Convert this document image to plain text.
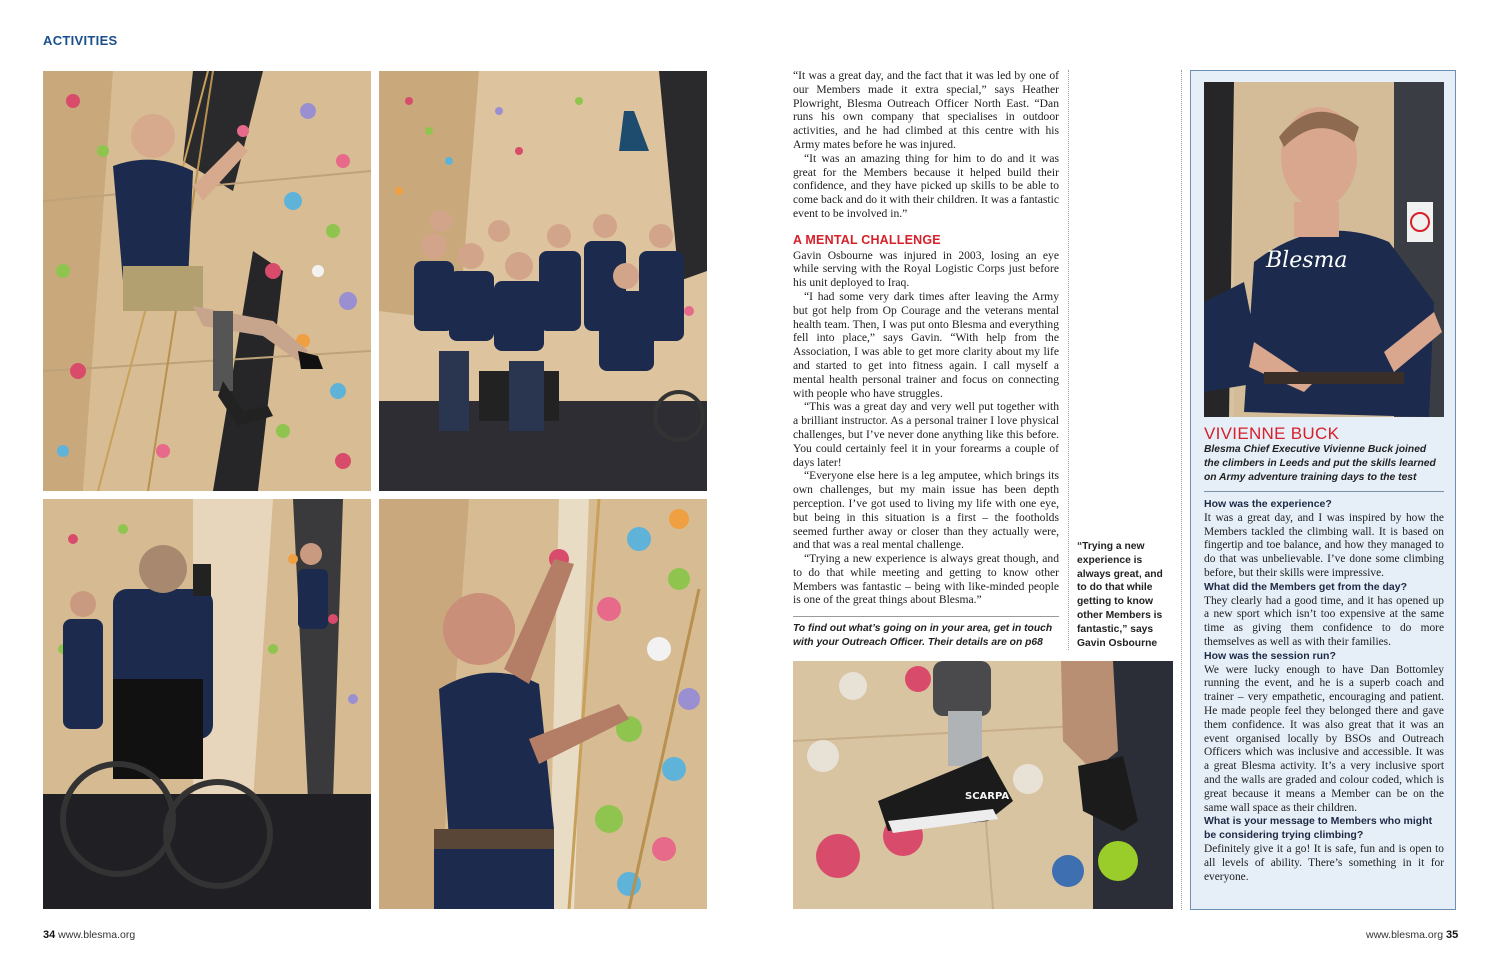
ACTIVITIES

“It was a great day, and the fact that it was led by one of our Members made it extra special,” says Heather Plowright, Blesma Outreach Officer North East. “Dan runs his own company that specialises in outdoor activities, and he had climbed at this centre with his Army mates before he was injured.

“It was an amazing thing for him to do and it was great for the Members because it helped build their confidence, and they have picked up skills to be able to come back and do it with their children. It was a fantastic event to be involved in.”

A MENTAL CHALLENGE

Gavin Osbourne was injured in 2003, losing an eye while serving with the Royal Logistic Corps just before his unit deployed to Iraq.

“I had some very dark times after leaving the Army but got help from Op Courage and the veterans mental health team. Then, I was put onto Blesma and everything fell into place,” says Gavin. “With help from the Association, I was able to get more clarity about my life and started to get into fitness again. I call myself a mental health personal trainer and focus on connecting with people who have struggles.

“This was a great day and very well put together with a brilliant instructor. As a personal trainer I love physical challenges, but I’ve never done anything like this before. You could certainly feel it in your forearms a couple of days later!

“Everyone else here is a leg amputee, which brings its own challenges, but my main issue has been depth perception. I’ve got used to living my life with one eye, but being in this situation is a first – the footholds seemed further away or closer than they actually were, and that was a real mental challenge.

“Trying a new experience is always great though, and to do that while meeting and getting to know other Members was fantastic – being with like-minded people is one of the great things about Blesma.”

To find out what’s going on in your area, get in touch with your Outreach Officer. Their details are on p68
“Trying a new experience is always great, and to do that while getting to know other Members is fantastic,” says Gavin Osbourne
SCARPA
Blesma
VIVIENNE BUCK
Blesma Chief Executive Vivienne Buck joined the climbers in Leeds and put the skills learned on Army adventure training days to the test

How was the experience?

It was a great day, and I was inspired by how the Members tackled the climbing wall. It is based on fingertip and toe balance, and how they managed to do that was unbelievable. I’ve done some climbing before, but their skills were impressive.

What did the Members get from the day?

They clearly had a good time, and it has opened up a new sport which isn’t too expensive at the same time as giving them confidence to do more themselves as well as with their families.

How was the session run?

We were lucky enough to have Dan Bottomley running the event, and he is a superb coach and trainer – very empathetic, encouraging and patient. He made people feel they belonged there and gave them confidence. It was also great that it was an event organised locally by BSOs and Outreach Officers which was inclusive and accessible. It was a great Blesma activity. It’s a very inclusive sport and the walls are graded and colour coded, which is great because it means a Member can be on the same wall space as their children.

What is your message to Members who might be considering trying climbing?

Definitely give it a go! It is safe, fun and is open to all levels of ability. There’s something in it for everyone.

34 www.blesma.org	www.blesma.org 35
